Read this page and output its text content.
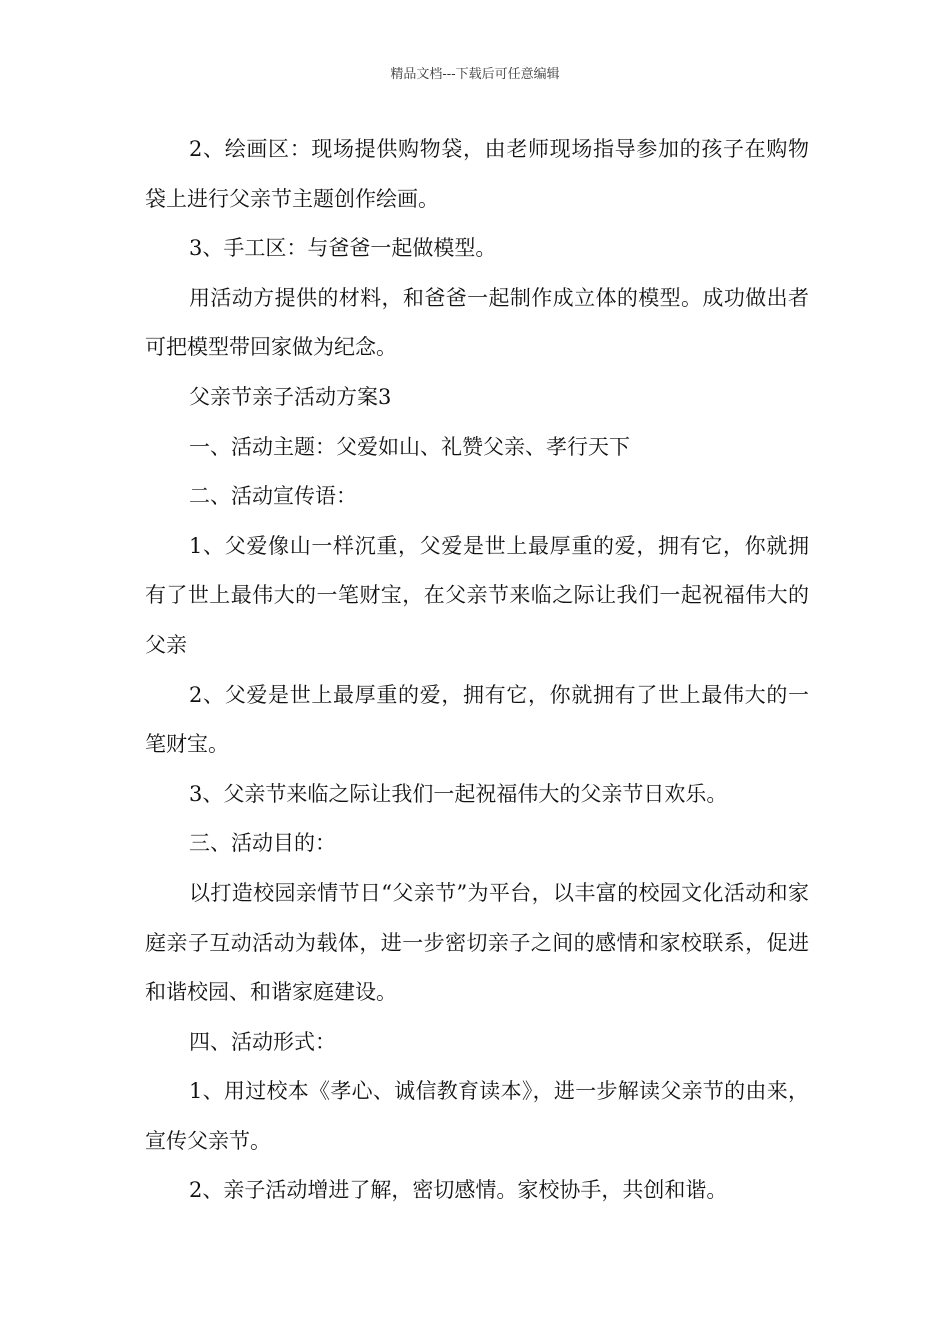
精品文档---下载后可任意编辑

2、绘画区：现场提供购物袋，由老师现场指导参加的孩子在购物袋上进行父亲节主题创作绘画。

3、手工区：与爸爸一起做模型。

用活动方提供的材料，和爸爸一起制作成立体的模型。成功做出者可把模型带回家做为纪念。

父亲节亲子活动方案3

一、活动主题：父爱如山、礼赞父亲、孝行天下

二、活动宣传语：

1、父爱像山一样沉重，父爱是世上最厚重的爱，拥有它，你就拥有了世上最伟大的一笔财宝，在父亲节来临之际让我们一起祝福伟大的父亲

2、父爱是世上最厚重的爱，拥有它，你就拥有了世上最伟大的一笔财宝。

3、父亲节来临之际让我们一起祝福伟大的父亲节日欢乐。

三、活动目的：

以打造校园亲情节日“父亲节”为平台，以丰富的校园文化活动和家庭亲子互动活动为载体，进一步密切亲子之间的感情和家校联系，促进和谐校园、和谐家庭建设。

四、活动形式：

1、用过校本《孝心、诚信教育读本》，进一步解读父亲节的由来，宣传父亲节。

2、亲子活动增进了解，密切感情。家校协手，共创和谐。
